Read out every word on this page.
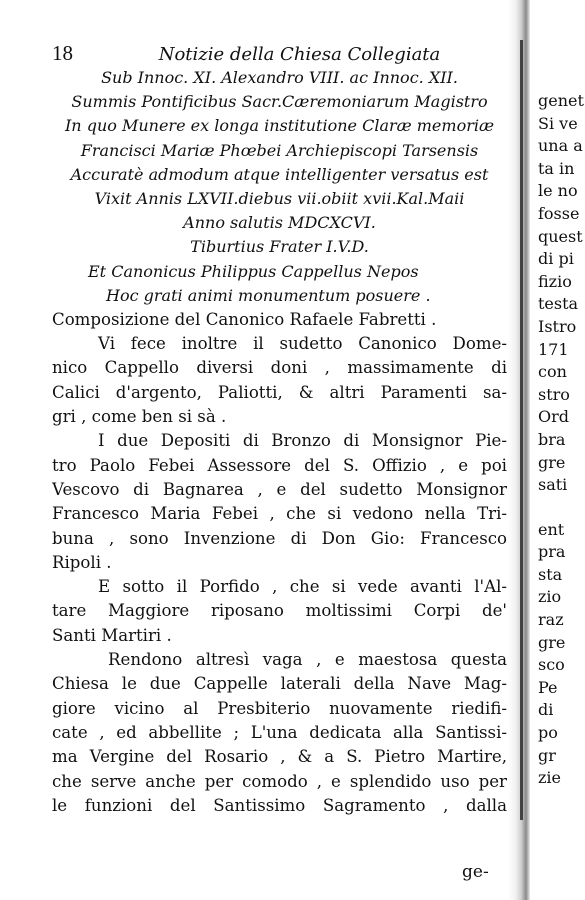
18	Notizie della Chiesa Collegiata
Sub Innoc. XI. Alexandro VIII. ac Innoc. XII.
Summis Pontificibus Sacr.Cæremoniarum Magistro
In quo Munere ex longa institutione Claræ memoriæ
Francisci Mariæ Phœbei Archiepiscopi Tarsensis
Accuratè admodum atque intelligenter versatus est
Vixit Annis LXVII.diebus vii.obiit xvii.Kal.Maii
Anno salutis MDCXCVI.
Tiburtius Frater I.V.D.
Et Canonicus Philippus Cappellus Nepos
Hoc grati animi monumentum posuere .
Composizione del Canonico Rafaele Fabretti .
Vi fece inoltre il sudetto Canonico Dome-
nico Cappello diversi doni , massimamente di
Calici d'argento, Paliotti, & altri Paramenti sa-
gri , come ben si sà .
I due Depositi di Bronzo di Monsignor Pie-
tro Paolo Febei Assessore del S. Offizio , e poi
Vescovo di Bagnarea , e del sudetto Monsignor
Francesco Maria Febei , che si vedono nella Tri-
buna , sono Invenzione di Don Gio: Francesco
Ripoli .
E sotto il Porfido , che si vede avanti l'Al-
tare Maggiore riposano moltissimi Corpi de'
Santi Martiri .
Rendono altresì vaga , e maestosa questa
Chiesa le due Cappelle laterali della Nave Mag-
giore vicino al Presbiterio nuovamente riedifi-
cate , ed abbellite ; L'una dedicata alla Santissi-
ma Vergine del Rosario , & a S. Pietro Martire,
che serve anche per comodo , e splendido uso per
le funzioni del Santissimo Sagramento , dalla
ge-
genet
Si ve
una a
ta in
le no
fosse
quest
di pi
fizio
testa
Istro
171
con
stro
Ord
bra
gre
sati
ent
pra
sta
zio
raz
gre
sco
Pe
di
po
gr
zie
